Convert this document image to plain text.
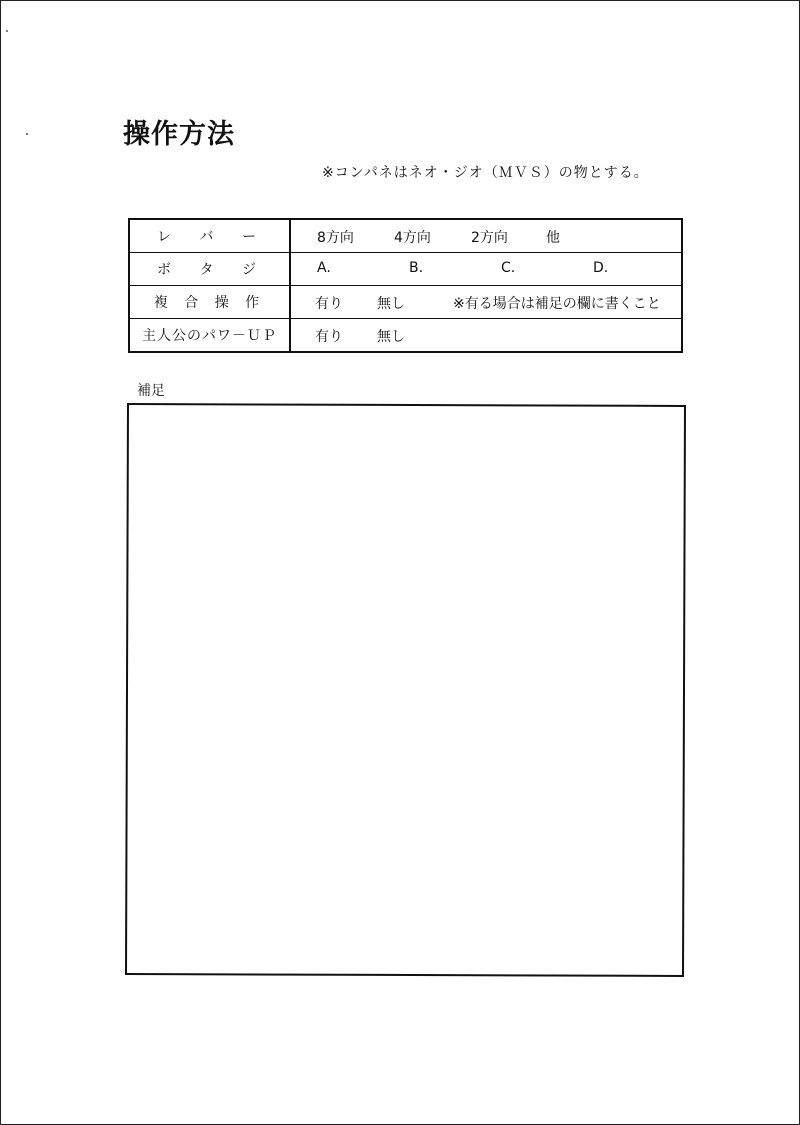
操作方法
※コンパネはネオ・ジオ（ＭＶＳ）の物とする。
レ バ ー	8方向 4方向 2方向 他

ボ タ ジ	A. B. C. D.

複 合 操 作	有り 無し ※有る場合は補足の欄に書くこと

主人公のパワ－ＵＰ	有り 無し
補足
